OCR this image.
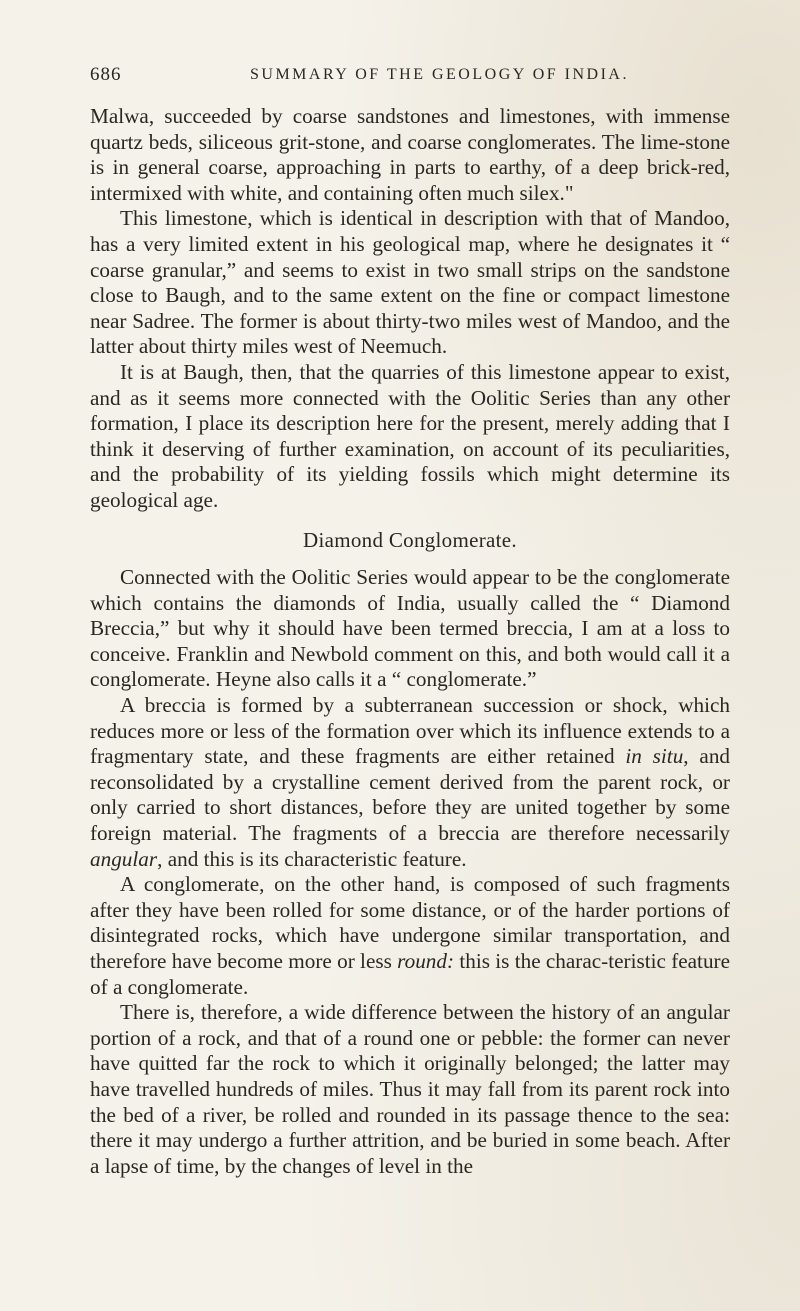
686	SUMMARY OF THE GEOLOGY OF INDIA.

Malwa, succeeded by coarse sandstones and limestones, with immense quartz beds, siliceous grit-stone, and coarse conglomerates. The lime-stone is in general coarse, approaching in parts to earthy, of a deep brick-red, intermixed with white, and containing often much silex."

This limestone, which is identical in description with that of Mandoo, has a very limited extent in his geological map, where he designates it “ coarse granular,” and seems to exist in two small strips on the sandstone close to Baugh, and to the same extent on the fine or compact limestone near Sadree. The former is about thirty-two miles west of Mandoo, and the latter about thirty miles west of Neemuch.

It is at Baugh, then, that the quarries of this limestone appear to exist, and as it seems more connected with the Oolitic Series than any other formation, I place its description here for the present, merely adding that I think it deserving of further examination, on account of its peculiarities, and the probability of its yielding fossils which might determine its geological age.

Diamond Conglomerate.

Connected with the Oolitic Series would appear to be the conglomerate which contains the diamonds of India, usually called the “ Diamond Breccia,” but why it should have been termed breccia, I am at a loss to conceive. Franklin and Newbold comment on this, and both would call it a conglomerate. Heyne also calls it a “ conglomerate.”

A breccia is formed by a subterranean succession or shock, which reduces more or less of the formation over which its influence extends to a fragmentary state, and these fragments are either retained in situ, and reconsolidated by a crystalline cement derived from the parent rock, or only carried to short distances, before they are united together by some foreign material. The fragments of a breccia are therefore necessarily angular, and this is its characteristic feature.

A conglomerate, on the other hand, is composed of such fragments after they have been rolled for some distance, or of the harder portions of disintegrated rocks, which have undergone similar transportation, and therefore have become more or less round: this is the charac-teristic feature of a conglomerate.

There is, therefore, a wide difference between the history of an angular portion of a rock, and that of a round one or pebble: the former can never have quitted far the rock to which it originally belonged; the latter may have travelled hundreds of miles. Thus it may fall from its parent rock into the bed of a river, be rolled and rounded in its passage thence to the sea: there it may undergo a further attrition, and be buried in some beach. After a lapse of time, by the changes of level in the
